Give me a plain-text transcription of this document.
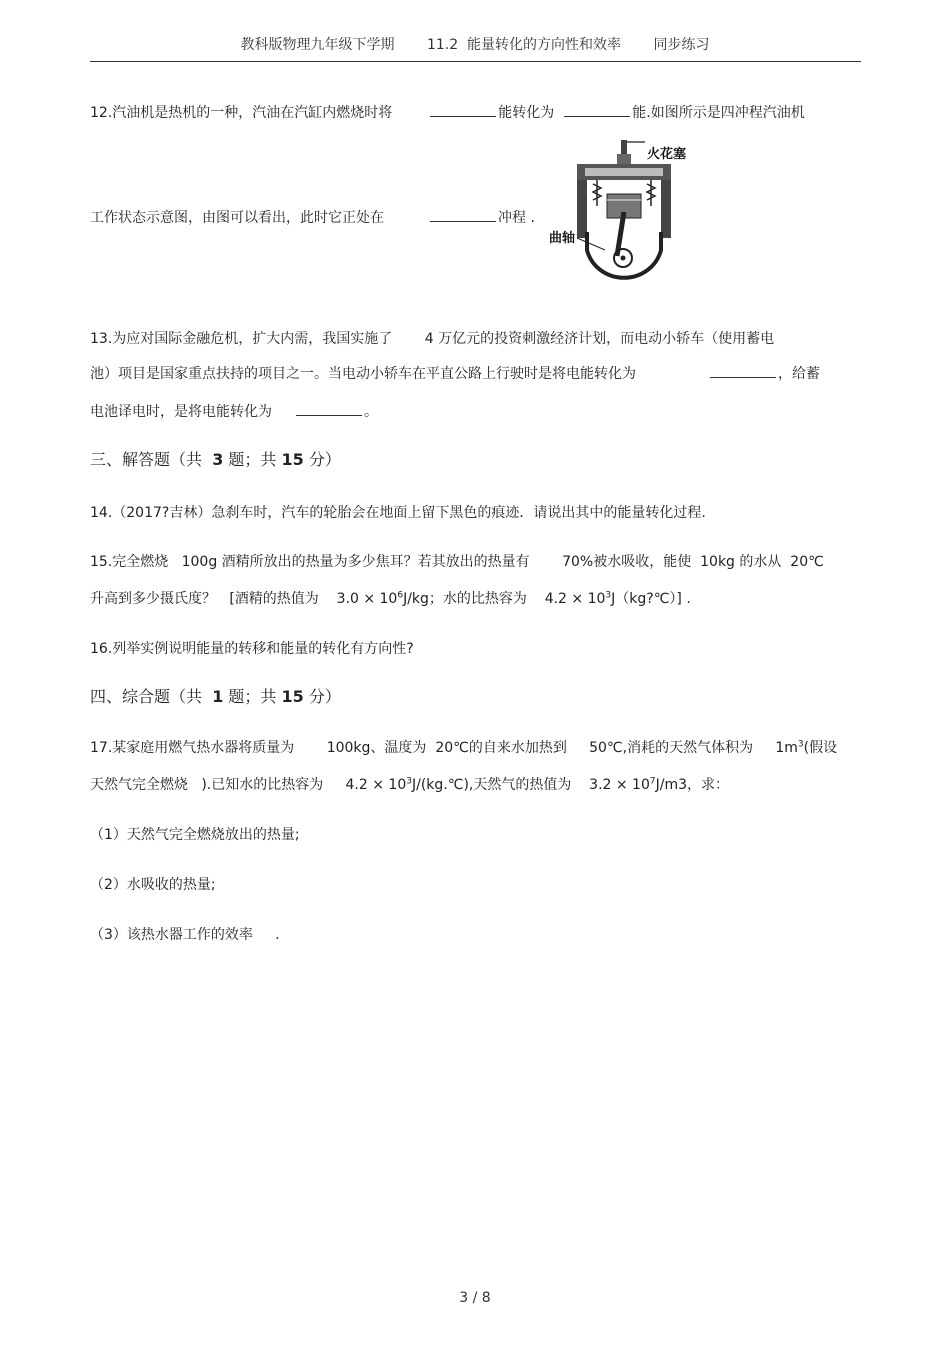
教科版物理九年级下学期　　 11.2  能量转化的方向性和效率　　 同步练习
12.汽油机是热机的一种，汽油在汽缸内燃烧时将	能转化为	能.如图所示是四冲程汽油机
工作状态示意图，由图可以看出，此时它正处在	冲程 .
火花塞
曲轴
13.为应对国际金融危机，扩大内需，我国实施了　　 4 万亿元的投资刺激经济计划，而电动小轿车（使用蓄电
池）项目是国家重点扶持的项目之一。当电动小轿车在平直公路上行驶时是将电能转化为	，给蓄
电池译电时，是将电能转化为	。
三、解答题（共  3 题；共 15 分）
14.（2017?吉林）急刹车时，汽车的轮胎会在地面上留下黑色的痕迹．请说出其中的能量转化过程.
15.完全燃烧   100g 酒精所放出的热量为多少焦耳？若其放出的热量有　　 70%被水吸收，能使  10kg 的水从  20℃
升高到多少摄氏度？   [酒精的热值为    $3.0 \times 10^6J/kg$；水的比热容为    $4.2 \times 10^3J(kg?℃)$] .
16.列举实例说明能量的转移和能量的转化有方向性?
四、综合题（共  1 题；共 15 分）
17.某家庭用燃气热水器将质量为　　 100kg、温度为  20℃的自来水加热到     50℃,消耗的天然气体积为     $1m^3$(假设
天然气完全燃烧   ).已知水的比热容为     $4.2 \times 10^3J/(kg.℃)$,天然气的热值为    $3.2 \times 10^7J/m3$，求：
（1）天然气完全燃烧放出的热量;
（2）水吸收的热量;
（3）该热水器工作的效率     .
3 / 8
